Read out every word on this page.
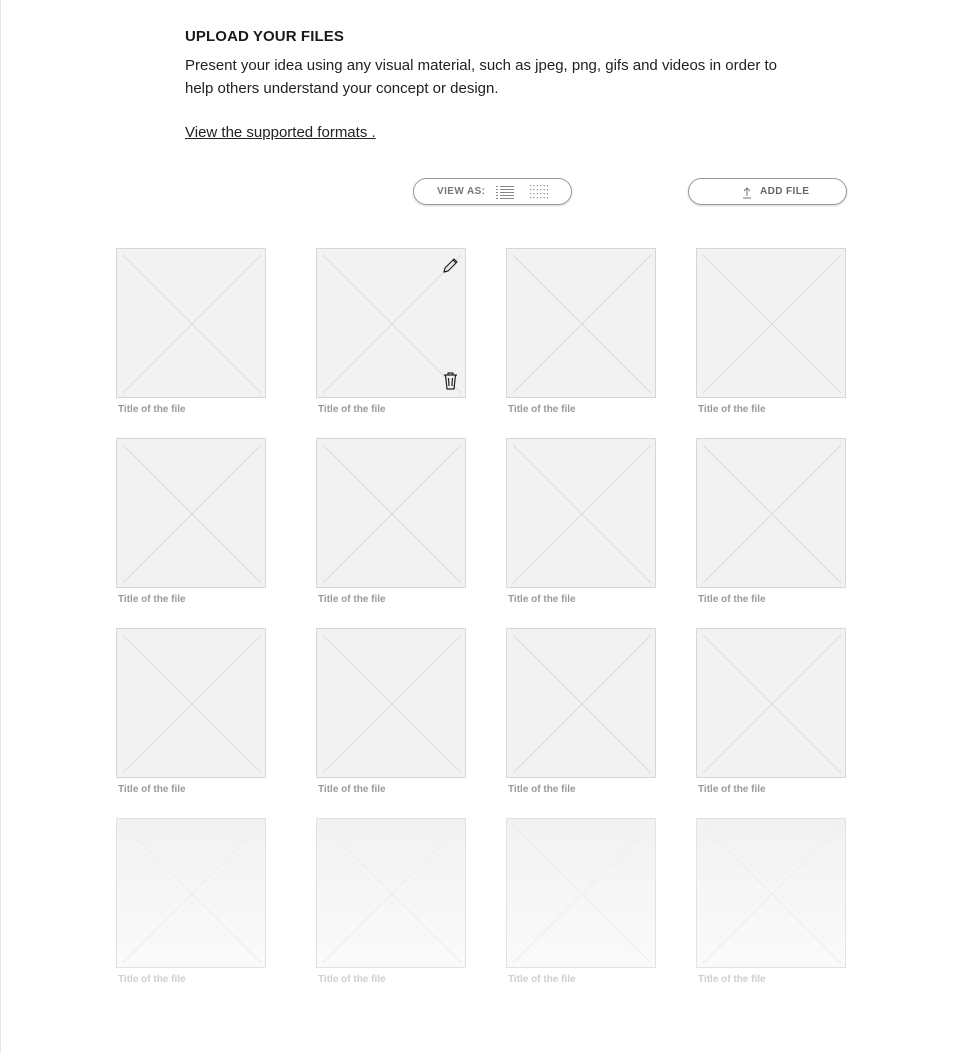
UPLOAD YOUR FILES

Present your idea using any visual material, such as jpeg, png, gifs and videos in order to help others understand your concept or design.

View the supported formats .
VIEW AS:	ADD FILE
Title of the file	Title of the file	Title of the file	Title of the file
Title of the file	Title of the file	Title of the file	Title of the file
Title of the file	Title of the file	Title of the file	Title of the file
Title of the file	Title of the file	Title of the file	Title of the file
